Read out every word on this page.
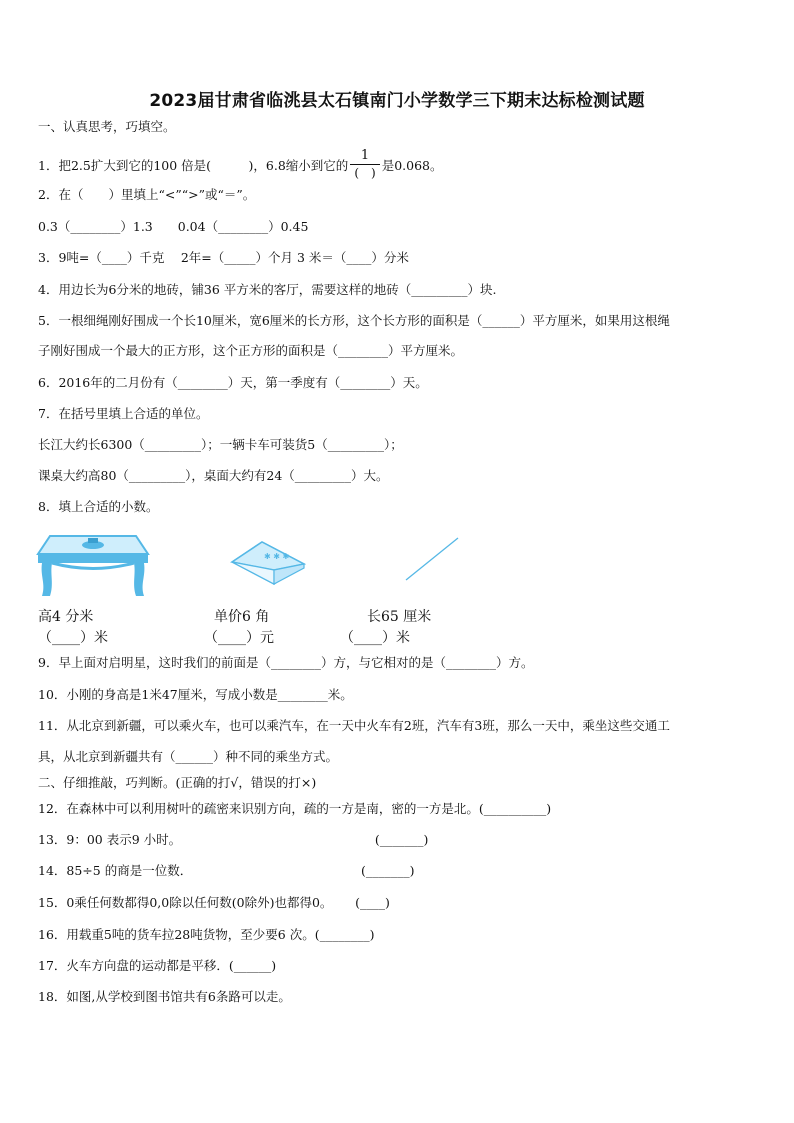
2023届甘肃省临洮县太石镇南门小学数学三下期末达标检测试题
一、认真思考，巧填空。
1．把2.5扩大到它的100 倍是(　　　)，6.8缩小到它的 $\frac{1}{( )}$ 是0.068。
2．在（　　）里填上“<”“>”或“＝”。
0.3（________）1.3　　0.04（________）0.45
3．9吨=（____）千克　 2年=（_____）个月 3 米＝（____）分米
4．用边长为6分米的地砖，铺36 平方米的客厅，需要这样的地砖（_________）块.
5．一根细绳刚好围成一个长10厘米，宽6厘米的长方形，这个长方形的面积是（______）平方厘米，如果用这根绳
子刚好围成一个最大的正方形，这个正方形的面积是（________）平方厘米。
6．2016年的二月份有（________）天，第一季度有（________）天。
7．在括号里填上合适的单位。
长江大约长6300（_________）；一辆卡车可装货5（_________）；
课桌大约高80（_________），桌面大约有24（_________）大。
8．填上合适的小数。
✱ ✱ ✱
高4 分米	单价6 角	长65 厘米
（____）米	（____）元	（____）米
9．早上面对启明星，这时我们的前面是（________）方，与它相对的是（________）方。
10．小刚的身高是1米47厘米，写成小数是________米。
11．从北京到新疆，可以乘火车，也可以乘汽车，在一天中火车有2班，汽车有3班，那么一天中，乘坐这些交通工
具，从北京到新疆共有（______）种不同的乘坐方式。
二、仔细推敲，巧判断。(正确的打√，错误的打×)
12．在森林中可以利用树叶的疏密来识别方向，疏的一方是南，密的一方是北。(__________)
13．9：00 表示9 小时。　　　　　　　　　　　　　　　　(_______)
14．85÷5 的商是一位数．　　　　　　　　　　　　　　(_______)
15．0乘任何数都得0,0除以任何数(0除外)也都得0。　　 (____)
16．用载重5吨的货车拉28吨货物，至少要6 次。(________)
17．火车方向盘的运动都是平移．(______)
18．如图,从学校到图书馆共有6条路可以走。
